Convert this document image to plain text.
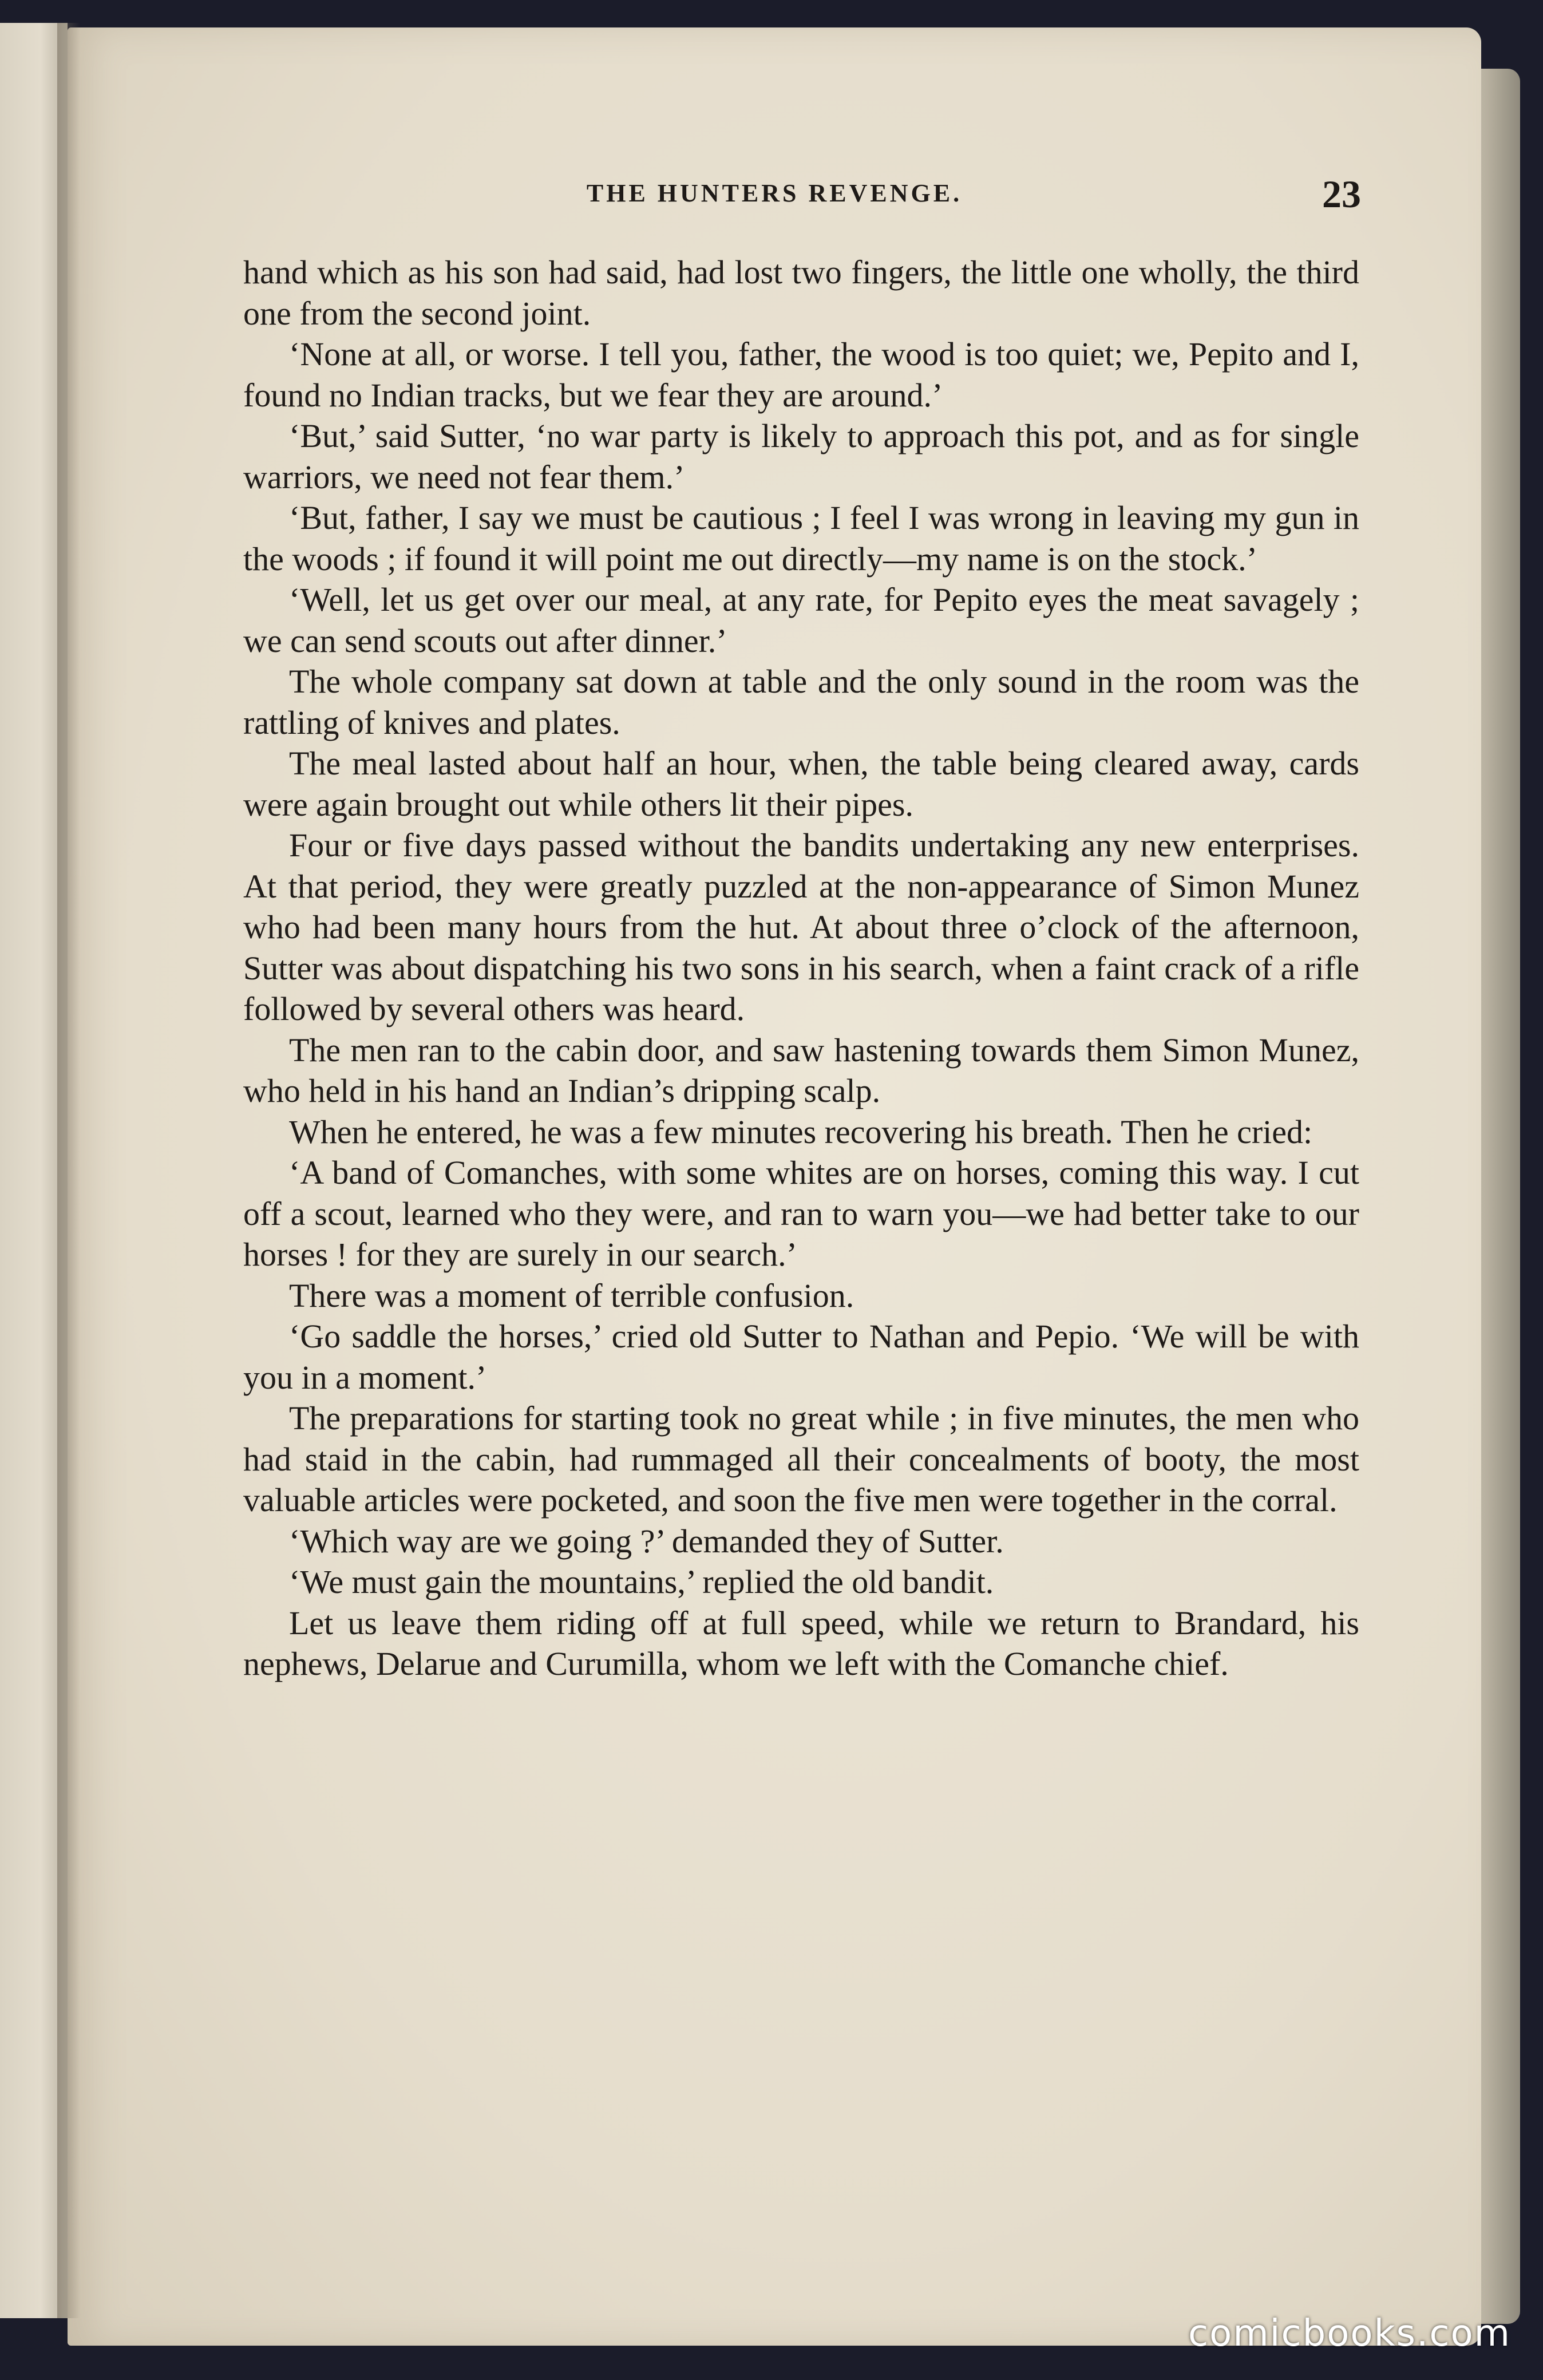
THE HUNTERS REVENGE.	23

hand which as his son had said, had lost two fingers, the little one wholly, the third one from the second joint.

‘None at all, or worse. I tell you, father, the wood is too quiet; we, Pepito and I, found no Indian tracks, but we fear they are around.’

‘But,’ said Sutter, ‘no war party is likely to approach this pot, and as for single warriors, we need not fear them.’

‘But, father, I say we must be cautious ; I feel I was wrong in leaving my gun in the woods ; if found it will point me out directly—my name is on the stock.’

‘Well, let us get over our meal, at any rate, for Pepito eyes the meat savagely ; we can send scouts out after dinner.’

The whole company sat down at table and the only sound in the room was the rattling of knives and plates.

The meal lasted about half an hour, when, the table being cleared away, cards were again brought out while others lit their pipes.

Four or five days passed without the bandits undertaking any new enterprises. At that period, they were greatly puzzled at the non-appearance of Simon Munez who had been many hours from the hut. At about three o’clock of the afternoon, Sutter was about dispatching his two sons in his search, when a faint crack of a rifle followed by several others was heard.

The men ran to the cabin door, and saw hastening towards them Simon Munez, who held in his hand an Indian’s dripping scalp.

When he entered, he was a few minutes recovering his breath. Then he cried:

‘A band of Comanches, with some whites are on horses, coming this way. I cut off a scout, learned who they were, and ran to warn you—we had better take to our horses ! for they are surely in our search.’

There was a moment of terrible confusion.

‘Go saddle the horses,’ cried old Sutter to Nathan and Pepio. ‘We will be with you in a moment.’

The preparations for starting took no great while ; in five minutes, the men who had staid in the cabin, had rummaged all their concealments of booty, the most valuable articles were pocketed, and soon the five men were together in the corral.

‘Which way are we going ?’ demanded they of Sutter.

‘We must gain the mountains,’ replied the old bandit.

Let us leave them riding off at full speed, while we return to Brandard, his nephews, Delarue and Curumilla, whom we left with the Comanche chief.

comicbooks.com
